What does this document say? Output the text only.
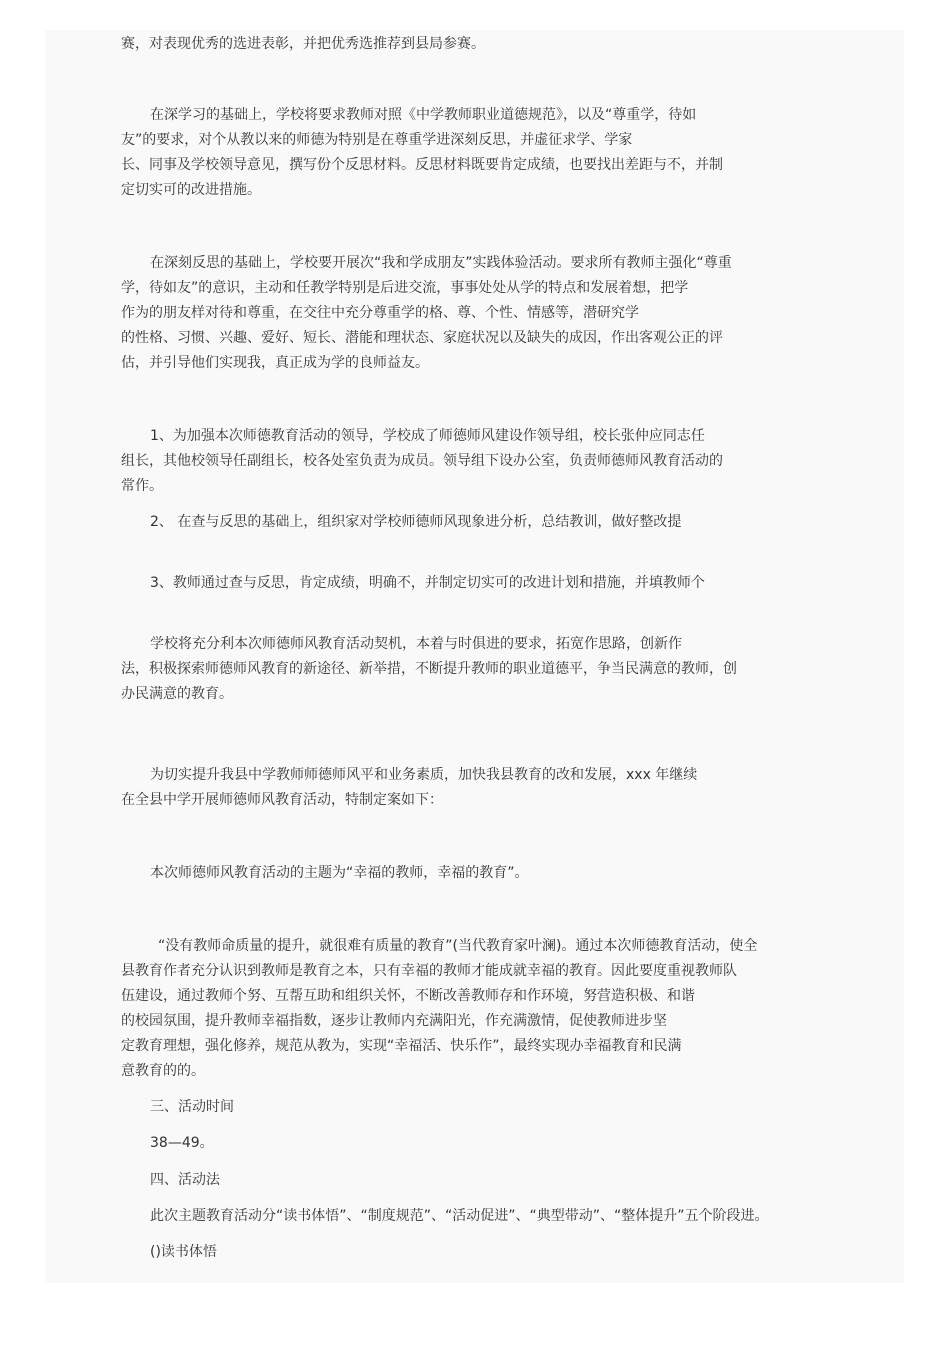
赛，对表现优秀的选进表彰，并把优秀选推荐到县局参赛。
在深学习的基础上，学校将要求教师对照《中学教师职业道德规范》，以及“尊重学，待如
友”的要求，对个从教以来的师德为特别是在尊重学进深刻反思，并虚征求学、学家
长、同事及学校领导意见，撰写份个反思材料。反思材料既要肯定成绩，也要找出差距与不，并制
定切实可的改进措施。
在深刻反思的基础上，学校要开展次“我和学成朋友”实践体验活动。要求所有教师主强化“尊重
学，待如友”的意识，主动和任教学特别是后进交流，事事处处从学的特点和发展着想，把学
作为的朋友样对待和尊重，在交往中充分尊重学的格、尊、个性、情感等，潜研究学
的性格、习惯、兴趣、爱好、短长、潜能和理状态、家庭状况以及缺失的成因，作出客观公正的评
估，并引导他们实现我，真正成为学的良师益友。
1、为加强本次师德教育活动的领导，学校成了师德师风建设作领导组，校长张仲应同志任
组长，其他校领导任副组长，校各处室负责为成员。领导组下设办公室，负责师德师风教育活动的
常作。
2、 在查与反思的基础上，组织家对学校师德师风现象进分析，总结教训，做好整改提
3、教师通过查与反思，肯定成绩，明确不，并制定切实可的改进计划和措施，并填教师个
学校将充分利本次师德师风教育活动契机，本着与时俱进的要求，拓宽作思路，创新作
法，积极探索师德师风教育的新途径、新举措，不断提升教师的职业道德平，争当民满意的教师，创
办民满意的教育。
为切实提升我县中学教师师德师风平和业务素质，加快我县教育的改和发展，xxx 年继续
在全县中学开展师德师风教育活动，特制定案如下：
本次师德师风教育活动的主题为“幸福的教师，幸福的教育”。
“没有教师命质量的提升，就很难有质量的教育”(当代教育家叶澜)。通过本次师德教育活动，使全
县教育作者充分认识到教师是教育之本，只有幸福的教师才能成就幸福的教育。因此要度重视教师队
伍建设，通过教师个努、互帮互助和组织关怀，不断改善教师存和作环境，努营造积极、和谐
的校园氛围，提升教师幸福指数，逐步让教师内充满阳光，作充满激情，促使教师进步坚
定教育理想，强化修养，规范从教为，实现“幸福活、快乐作”，最终实现办幸福教育和民满
意教育的的。
三、活动时间
38—49。
四、活动法
此次主题教育活动分“读书体悟”、“制度规范”、“活动促进”、“典型带动”、“整体提升”五个阶段进。
()读书体悟
